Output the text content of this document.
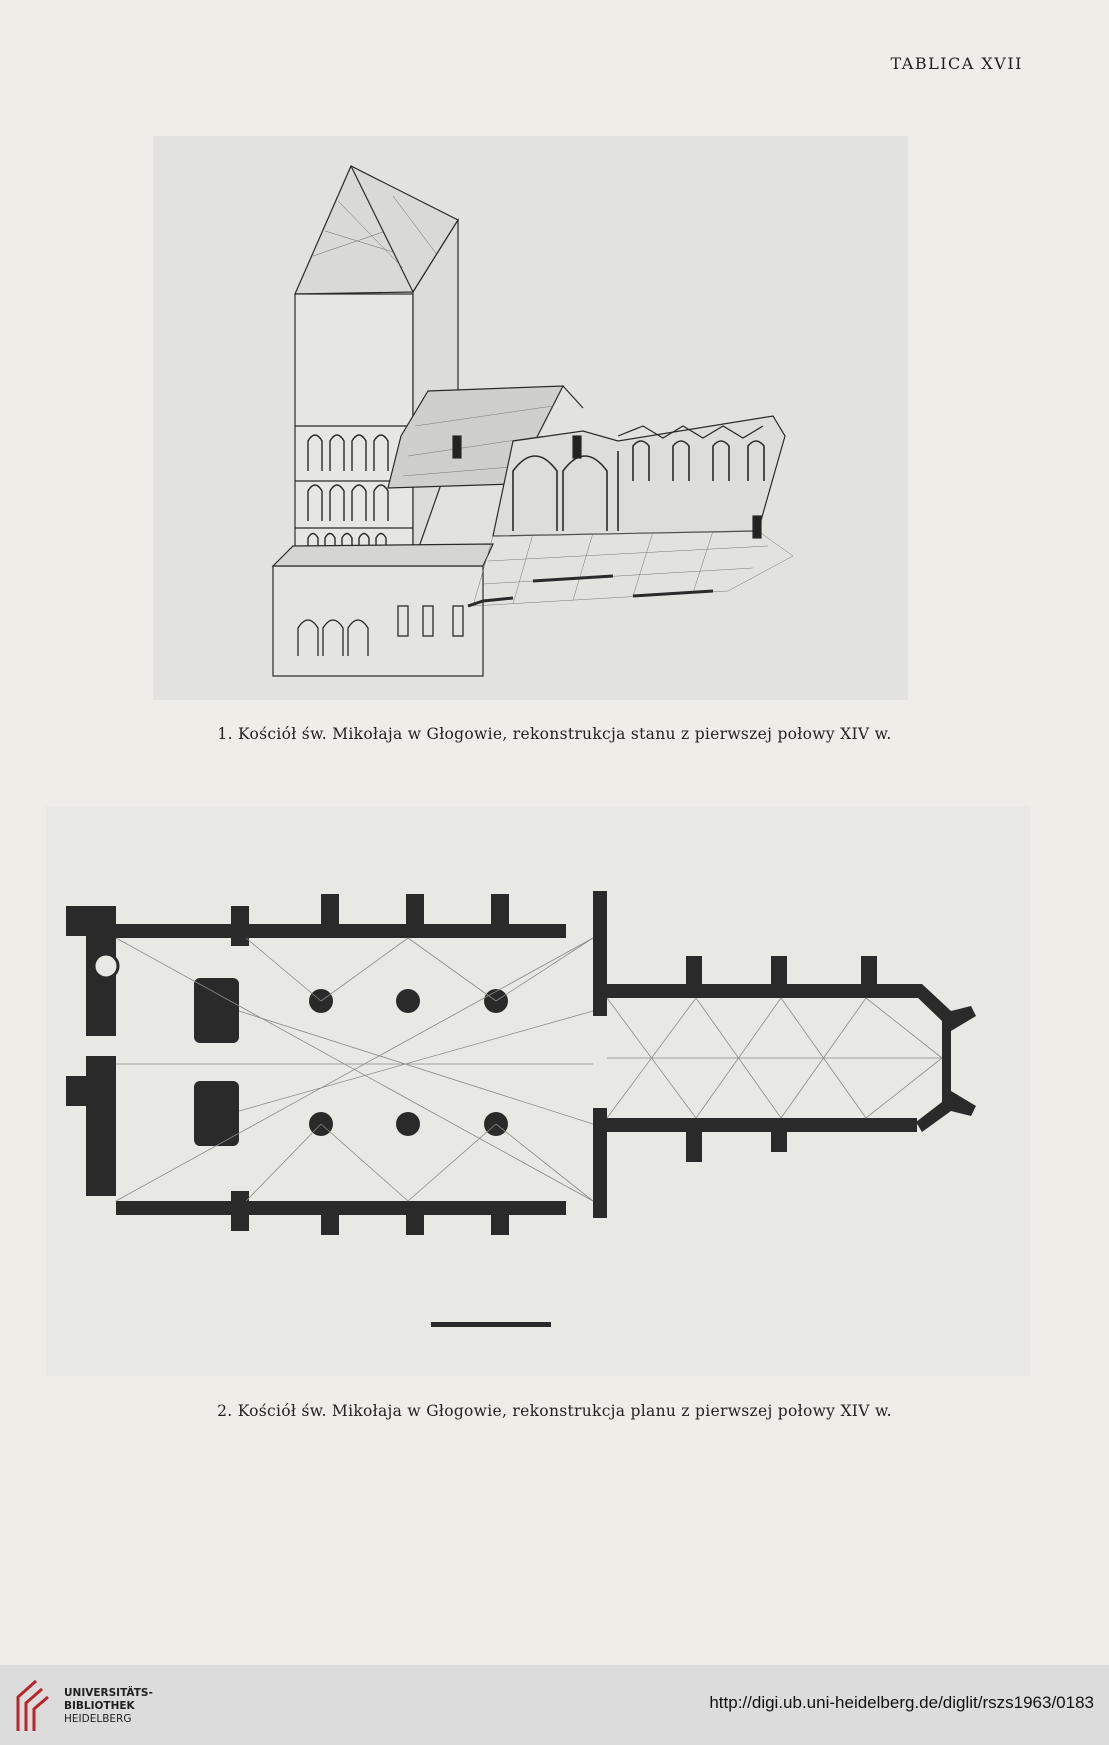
TABLICA XVII
1. Kościół św. Mikołaja w Głogowie, rekonstrukcja stanu z pierwszej połowy XIV w.
2. Kościół św. Mikołaja w Głogowie, rekonstrukcja planu z pierwszej połowy XIV w.
UNIVERSITÄTS-
BIBLIOTHEK
HEIDELBERG
http://digi.ub.uni-heidelberg.de/diglit/rszs1963/0183
